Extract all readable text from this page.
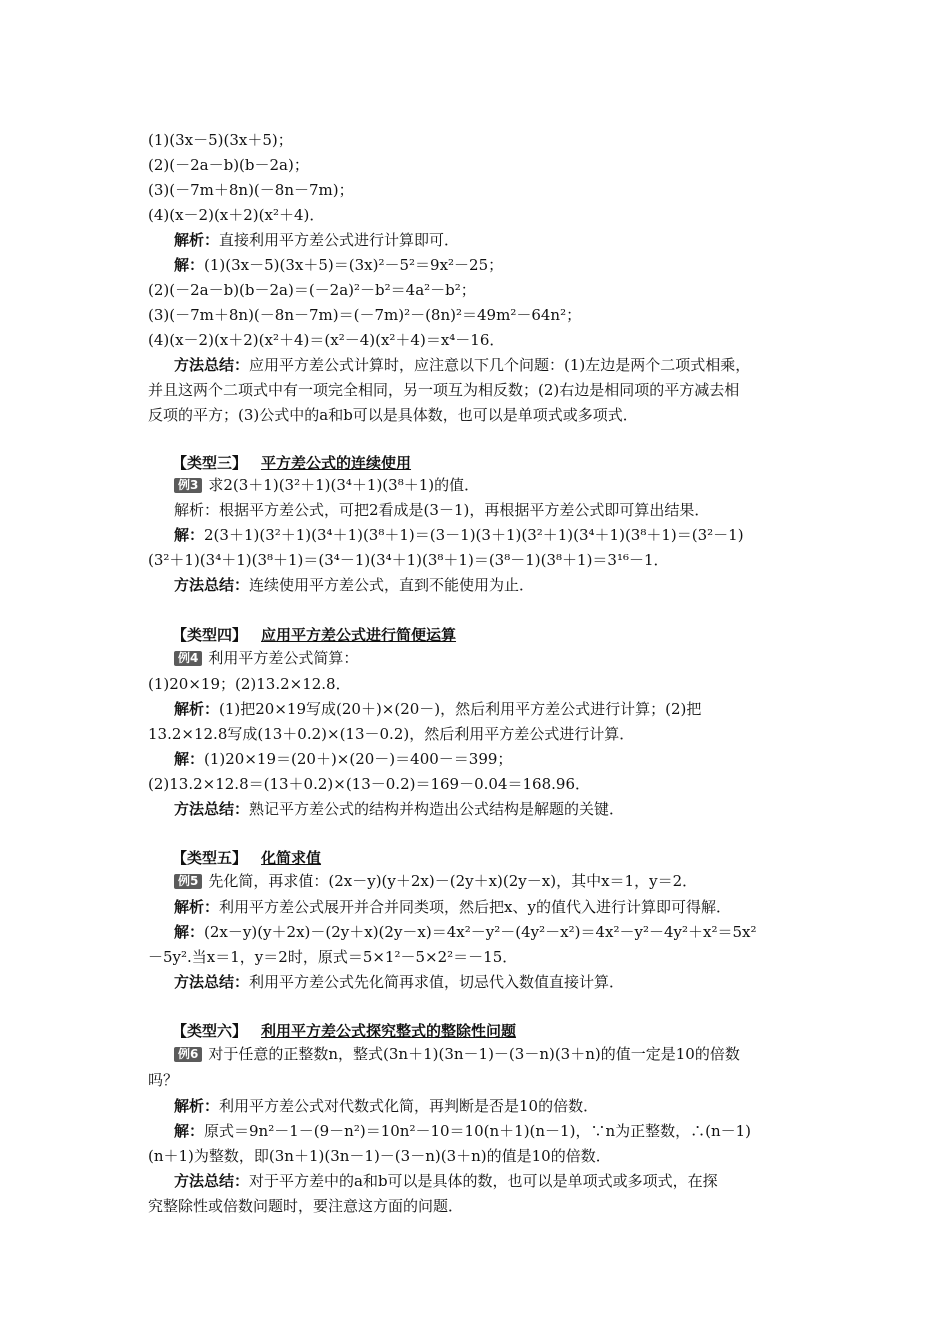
(1)(3x－5)(3x＋5)；
(2)(－2a－b)(b－2a)；
(3)(－7m＋8n)(－8n－7m)；
(4)(x－2)(x＋2)(x²＋4)．
解析：直接利用平方差公式进行计算即可．
解：(1)(3x－5)(3x＋5)＝(3x)²－5²＝9x²－25；
(2)(－2a－b)(b－2a)＝(－2a)²－b²＝4a²－b²；
(3)(－7m＋8n)(－8n－7m)＝(－7m)²－(8n)²＝49m²－64n²；
(4)(x－2)(x＋2)(x²＋4)＝(x²－4)(x²＋4)＝x⁴－16．
方法总结：应用平方差公式计算时，应注意以下几个问题：(1)左边是两个二项式相乘，
并且这两个二项式中有一项完全相同，另一项互为相反数；(2)右边是相同项的平方减去相
反项的平方；(3)公式中的a和b可以是具体数，也可以是单项式或多项式．
【类型三】 平方差公式的连续使用
例3 求2(3＋1)(3²＋1)(3⁴＋1)(3⁸＋1)的值．
解析：根据平方差公式，可把2看成是(3－1)，再根据平方差公式即可算出结果．
解：2(3＋1)(3²＋1)(3⁴＋1)(3⁸＋1)＝(3－1)(3＋1)(3²＋1)(3⁴＋1)(3⁸＋1)＝(3²－1)
(3²＋1)(3⁴＋1)(3⁸＋1)＝(3⁴－1)(3⁴＋1)(3⁸＋1)＝(3⁸－1)(3⁸＋1)＝3¹⁶－1．
方法总结：连续使用平方差公式，直到不能使用为止．
【类型四】 应用平方差公式进行简便运算
例4 利用平方差公式简算：
(1)20×19；(2)13.2×12.8．
解析：(1)把20×19写成(20＋)×(20－)，然后利用平方差公式进行计算；(2)把
13.2×12.8写成(13＋0.2)×(13－0.2)，然后利用平方差公式进行计算．
解：(1)20×19＝(20＋)×(20－)＝400－＝399；
(2)13.2×12.8＝(13＋0.2)×(13－0.2)＝169－0.04＝168.96．
方法总结：熟记平方差公式的结构并构造出公式结构是解题的关键．
【类型五】 化简求值
例5 先化简，再求值：(2x－y)(y＋2x)－(2y＋x)(2y－x)，其中x＝1，y＝2．
解析：利用平方差公式展开并合并同类项，然后把x、y的值代入进行计算即可得解．
解：(2x－y)(y＋2x)－(2y＋x)(2y－x)＝4x²－y²－(4y²－x²)＝4x²－y²－4y²＋x²＝5x²
－5y².当x＝1，y＝2时，原式＝5×1²－5×2²＝－15．
方法总结：利用平方差公式先化简再求值，切忌代入数值直接计算．
【类型六】 利用平方差公式探究整式的整除性问题
例6 对于任意的正整数n，整式(3n＋1)(3n－1)－(3－n)(3＋n)的值一定是10的倍数
吗？
解析：利用平方差公式对代数式化简，再判断是否是10的倍数．
解：原式＝9n²－1－(9－n²)＝10n²－10＝10(n＋1)(n－1)，∵n为正整数，∴(n－1)
(n＋1)为整数，即(3n＋1)(3n－1)－(3－n)(3＋n)的值是10的倍数．
方法总结：对于平方差中的a和b可以是具体的数，也可以是单项式或多项式，在探
究整除性或倍数问题时，要注意这方面的问题．
